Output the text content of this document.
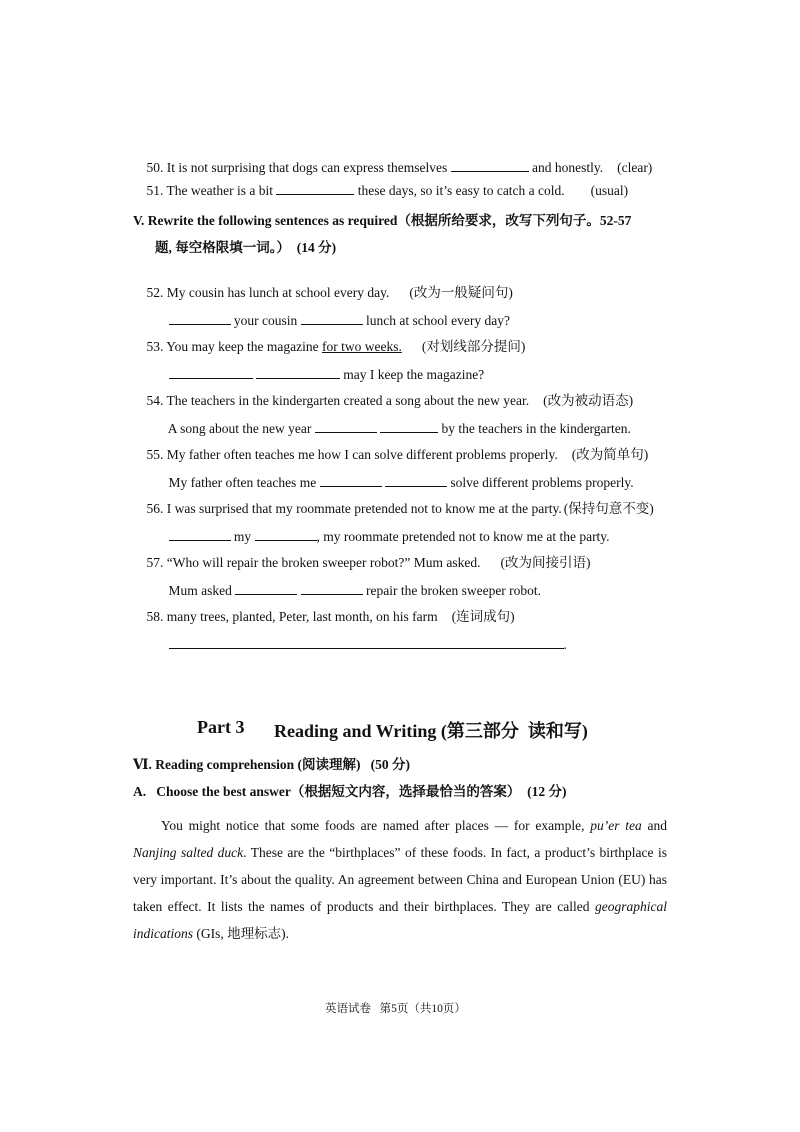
50. It is not surprising that dogs can express themselves	and honestly. (clear)

51. The weather is a bit	these days, so it’s easy to catch a cold. (usual)

V. Rewrite the following sentences as required（根据所给要求，改写下列句子。52-57
题, 每空格限填一词。）  (14 分)

52. My cousin has lunch at school every day. (改为一般疑问句)

your cousin	lunch at school every day?

53. You may keep the magazine for two weeks. (对划线部分提问)

may I keep the magazine?

54. The teachers in the kindergarten created a song about the new year. (改为被动语态)

A song about the new year	by the teachers in the kindergarten.

55. My father often teaches me how I can solve different problems properly. (改为简单句)

My father often teaches me	solve different problems properly.

56. I was surprised that my roommate pretended not to know me at the party. (保持句意不变)

my	, my roommate pretended not to know me at the party.

57. “Who will repair the broken sweeper robot?” Mum asked. (改为间接引语)

Mum asked	repair the broken sweeper robot.

58. many trees, planted, Peter, last month, on his farm (连词成句)

.

Part 3 Reading and Writing (第三部分  读和写)
Ⅵ. Reading comprehension (阅读理解)   (50 分)
A.   Choose the best answer（根据短文内容，选择最恰当的答案）  (12 分)
You might notice that some foods are named after places — for example, pu’er tea and Nanjing salted duck. These are the “birthplaces” of these foods. In fact, a product’s birthplace is very important. It’s about the quality. An agreement between China and European Union (EU) has taken effect. It lists the names of products and their birthplaces. They are called geographical indications (GIs, 地理标志).
英语试卷   第5页（共10页）
